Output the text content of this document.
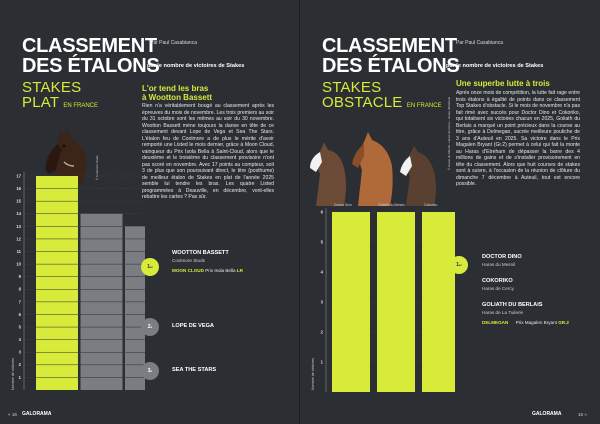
CLASSEMENT
DES ÉTALONS
Par Paul Casabianca
par le nombre de victoires de Stakes
STAKES
PLAT EN FRANCE
L'or tend les bras
à Wootton Bassett
Rien n'a véritablement bougé au classement après les épreuves du mois de novembre. Les trois premiers au soir du 31 octobre sont les mêmes au soir du 30 novembre. Wootton Bassett mène toujours la danse en tête de ce classement devant Lope de Vega et Sea The Stars. L'étalon feu de Coolmore a de plus le mérite d'avoir remporté une Listed le mois dernier, grâce à Moon Cloud, vainqueur du Prix Isola Bella à Saint-Cloud, alors que le deuxième et le troisième du classement provisoire n'ont pas scoré en novembre. Avec 17 points au compteur, soit 3 de plus que son poursuivant direct, le titre (posthume) de meilleur étalon de Stakes en plat de l'année 2025 semble lui tendre les bras. Les quatre Listed programmées à Deauville, en décembre, vont-elles rebattre les cartes ? Pas sûr.
© Coolmore Studs
1
2
3
4
5
6
7
8
9
10
11
12
13
14
15
16
17
Nombre de victoires
1 er
WOOTTON BASSETT
Coolmore Studs
MOON CLOUD Prix Isola Bella LR
2 e	LOPE DE VEGA
3 e	SEA THE STARS
« 16 GALORAMA
CLASSEMENT
DES ÉTALONS
Par Paul Casabianca
par le nombre de victoires de Stakes
STAKES
OBSTACLE EN FRANCE
Une superbe lutte à trois
Après onze mois de compétition, la lutte fait rage entre trois étalons à égalité de points dans ce classement Top Stakes d'obstacle. Si le mois de novembre n'a pas fait rimé avec succès pour Doctor Dino et Cokoriko, qui totalisent six victoires chacun en 2025, Goliath du Berlais a marqué un point précieux dans la course au titre, grâce à Delmegan, sacrée meilleure pouliche de 3 ans d'Auteuil en 2025. Sa victoire dans le Prix Magalen Bryant (Gr.2) permet à celui qui fait la monte au Haras d'Etreham de dépasser la barre des 4 millions de gains et de s'installer provisoirement en tête du classement. Alors que huit courses de stakes sont à suivre, à l'occasion de la réunion de clôture du dimanche 7 décembre à Auteuil, tout est encore possible.
Doctor Dino	Goliath du Berlais	Cokoriko
© Haras du Mesnil - Haras de Cercy - Haras d'Etreham
1
2
3
4
5
6
Nombre de victoires
1 er
DOCTOR DINO
Haras du Mesnil
COKORIKO
Haras de Cercy
GOLIATH DU BERLAIS
Haras de La Tuilerie
DELMEGAN Prix Magalen Bryant GR.2
GALORAMA	15 »
